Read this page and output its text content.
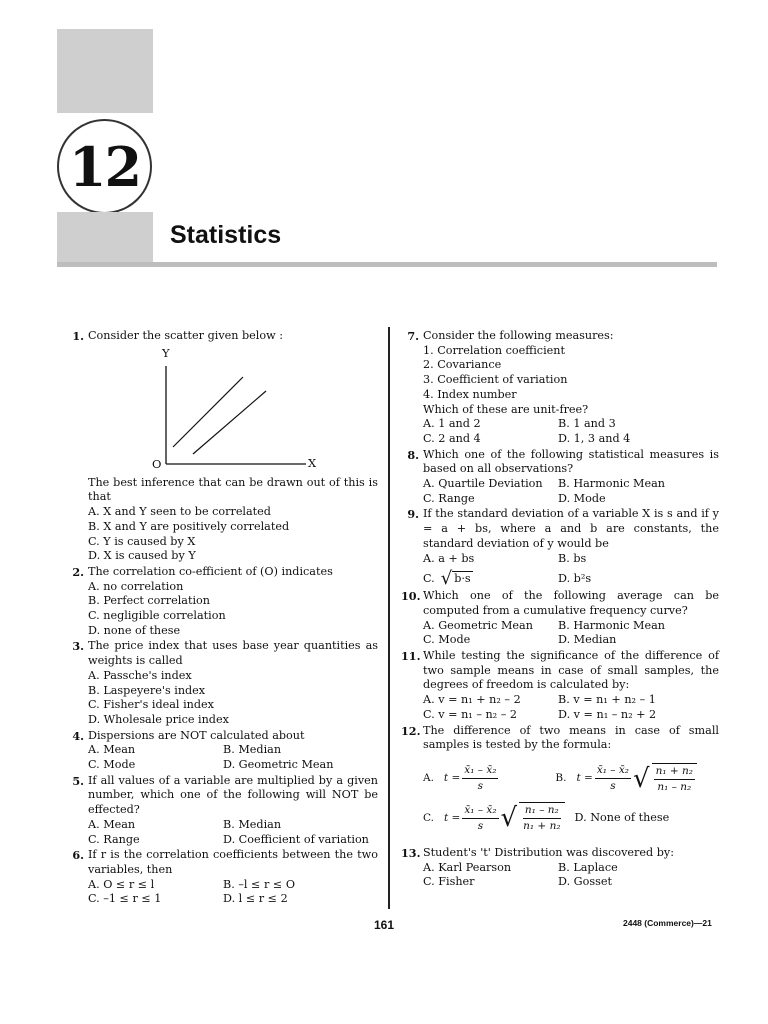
12
Statistics
1. Consider the scatter given below :
Y
X
O
The best inference that can be drawn out of this is that
A. X and Y seen to be correlated
B. X and Y are positively correlated
C. Y is caused by X
D. X is caused by Y
2. The correlation co-efficient of (O) indicates
A. no correlation
B. Perfect correlation
C. negligible correlation
D. none of these
3. The price index that uses base year quantities as weights is called
A. Passche's index
B. Laspeyere's index
C. Fisher's ideal index
D. Wholesale price index
4. Dispersions are NOT calculated about
A. Mean	B. Median
C. Mode	D. Geometric Mean
5. If all values of a variable are multiplied by a given number, which one of the following will NOT be effected?
A. Mean	B. Median
C. Range	D. Coefficient of variation
6. If r is the correlation coefficients between the two variables, then
A. O ≤ r ≤ l	B. –l ≤ r ≤ O
C. –1 ≤ r ≤ 1	D. l ≤ r ≤ 2
7. Consider the following measures:
1. Correlation coefficient
2. Covariance
3. Coefficient of variation
4. Index number
Which of these are unit-free?
A. 1 and 2	B. 1 and 3
C. 2 and 4	D. 1, 3 and 4
8. Which one of the following statistical measures is based on all observations?
A. Quartile Deviation	B. Harmonic Mean
C. Range	D. Mode
9. If the standard deviation of a variable X is s and if y = a + bs, where a and b are constants, the standard deviation of y would be
A. a + bs	B. bs
C. √ b·s	D. b²s
10. Which one of the following average can be computed from a cumulative frequency curve?
A. Geometric Mean	B. Harmonic Mean
C. Mode	D. Median
11. While testing the significance of the difference of two sample means in case of small samples, the degrees of freedom is calculated by:
A. v = n₁ + n₂ – 2	B. v = n₁ + n₂ – 1
C. v = n₁ – n₂ – 2	D. v = n₁ – n₂ + 2
12. The difference of two means in case of small samples is tested by the formula:
A. $t = \frac{\text{x̄₁ – x̄₂}}{s}$	B. $t = \frac{\text{x̄₁ – x̄₂}}{s}$ √ $\frac{\text{n₁ + n₂}}{\text{n₁ – n₂}}$
C. $t = \frac{\text{x̄₁ – x̄₂}}{s}$ √ $\frac{\text{n₁ – n₂}}{\text{n₁ + n₂}} D$. None of these
13. Student's 't' Distribution was discovered by:
A. Karl Pearson	B. Laplace
C. Fisher	D. Gosset
161	2448 (Commerce)—21
